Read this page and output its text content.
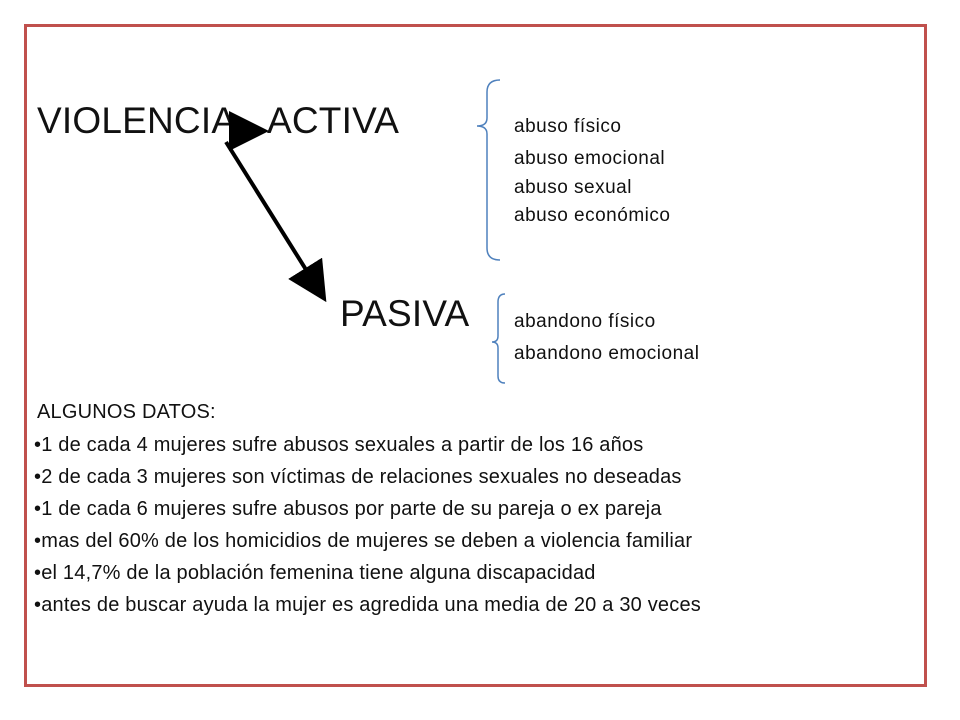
$VIOLENCIA_:$ ACTIVA
PASIVA
abuso físico
abuso emocional
abuso sexual
abuso económico
abandono físico
abandono emocional
ALGUNOS DATOS:
•1 de cada 4 mujeres sufre abusos sexuales a partir de los 16 años
•2 de cada 3 mujeres son víctimas de relaciones sexuales no deseadas
•1 de cada 6 mujeres sufre abusos por parte de su pareja o ex pareja
•mas del 60% de los homicidios de mujeres se deben a violencia familiar
•el 14,7% de la población femenina tiene alguna discapacidad
•antes de buscar ayuda la mujer es agredida una media de 20 a 30 veces
